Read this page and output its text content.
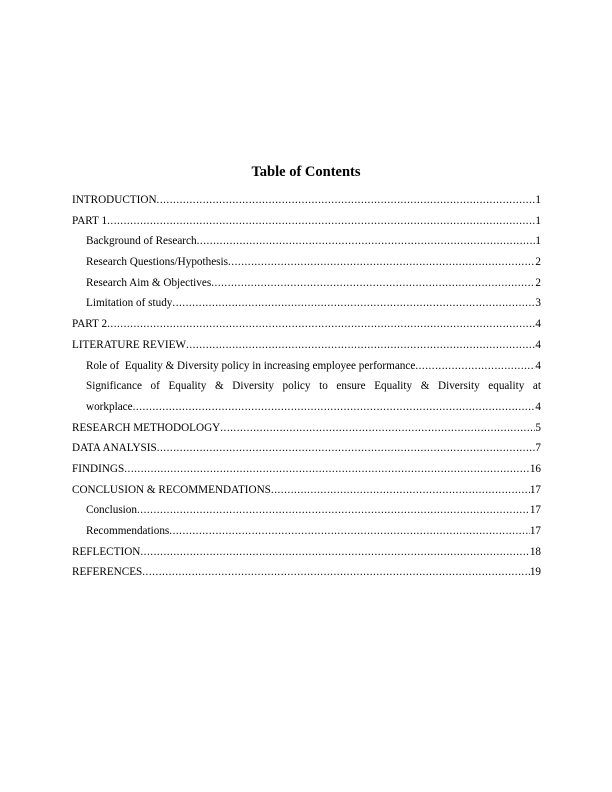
Table of Contents
INTRODUCTION .....	1
PART 1 .....	1
Background of Research .....	1
Research Questions/Hypothesis .....	2
Research Aim & Objectives .....	2
Limitation of study .....	3
PART 2 .....	4
LITERATURE REVIEW .....	4
Role of  Equality & Diversity policy in increasing employee performance .....	4
Significance of Equality & Diversity policy to ensure Equality & Diversity equality at
workplace .....	4
RESEARCH METHODOLOGY .....	5
DATA ANALYSIS .....	7
FINDINGS .....	16
CONCLUSION & RECOMMENDATIONS .....	17
Conclusion .....	17
Recommendations .....	17
REFLECTION .....	18
REFERENCES .....	19
